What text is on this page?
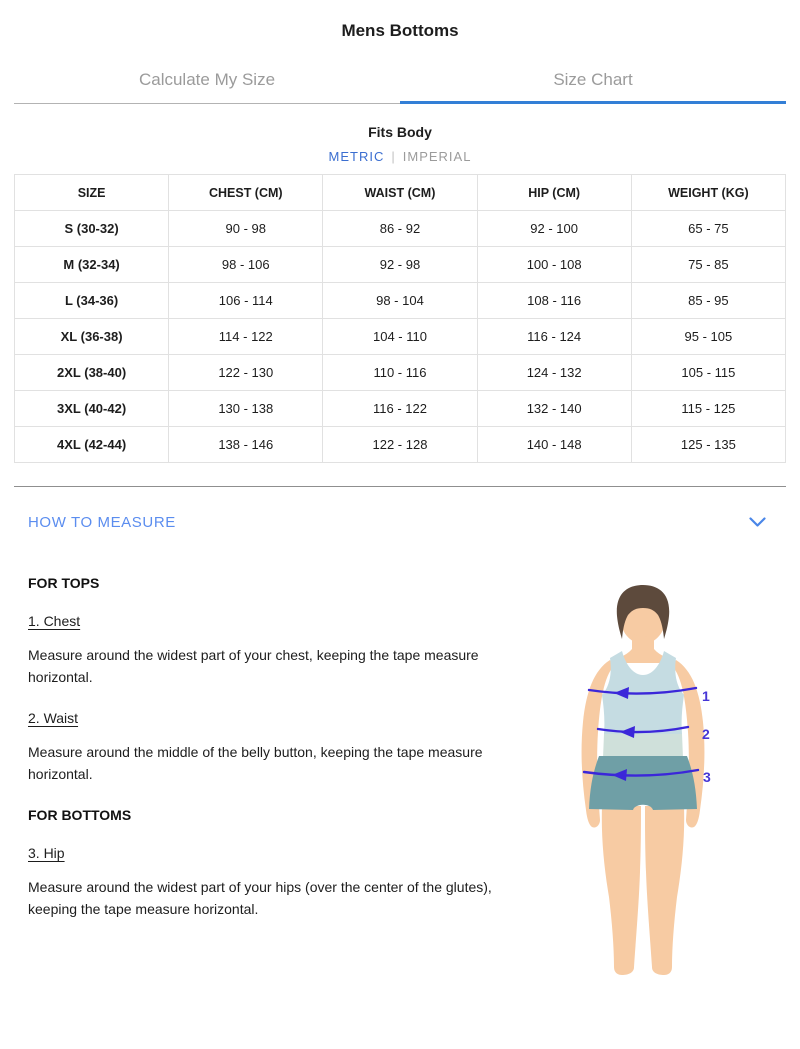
Mens Bottoms
Calculate My Size	Size Chart
Fits Body
METRIC | IMPERIAL
SIZE	CHEST (CM)	WAIST (CM)	HIP (CM)	WEIGHT (KG)
S (30-32)	90 - 98	86 - 92	92 - 100	65 - 75
M (32-34)	98 - 106	92 - 98	100 - 108	75 - 85
L (34-36)	106 - 114	98 - 104	108 - 116	85 - 95
XL (36-38)	114 - 122	104 - 110	116 - 124	95 - 105
2XL (38-40)	122 - 130	110 - 116	124 - 132	105 - 115
3XL (40-42)	130 - 138	116 - 122	132 - 140	115 - 125
4XL (42-44)	138 - 146	122 - 128	140 - 148	125 - 135
HOW TO MEASURE
FOR TOPS
1. Chest

Measure around the widest part of your chest, keeping the tape measure horizontal.

2. Waist

Measure around the middle of the belly button, keeping the tape measure horizontal.

FOR BOTTOMS
3. Hip

Measure around the widest part of your hips (over the center of the glutes), keeping the tape measure horizontal.

1
2
3
